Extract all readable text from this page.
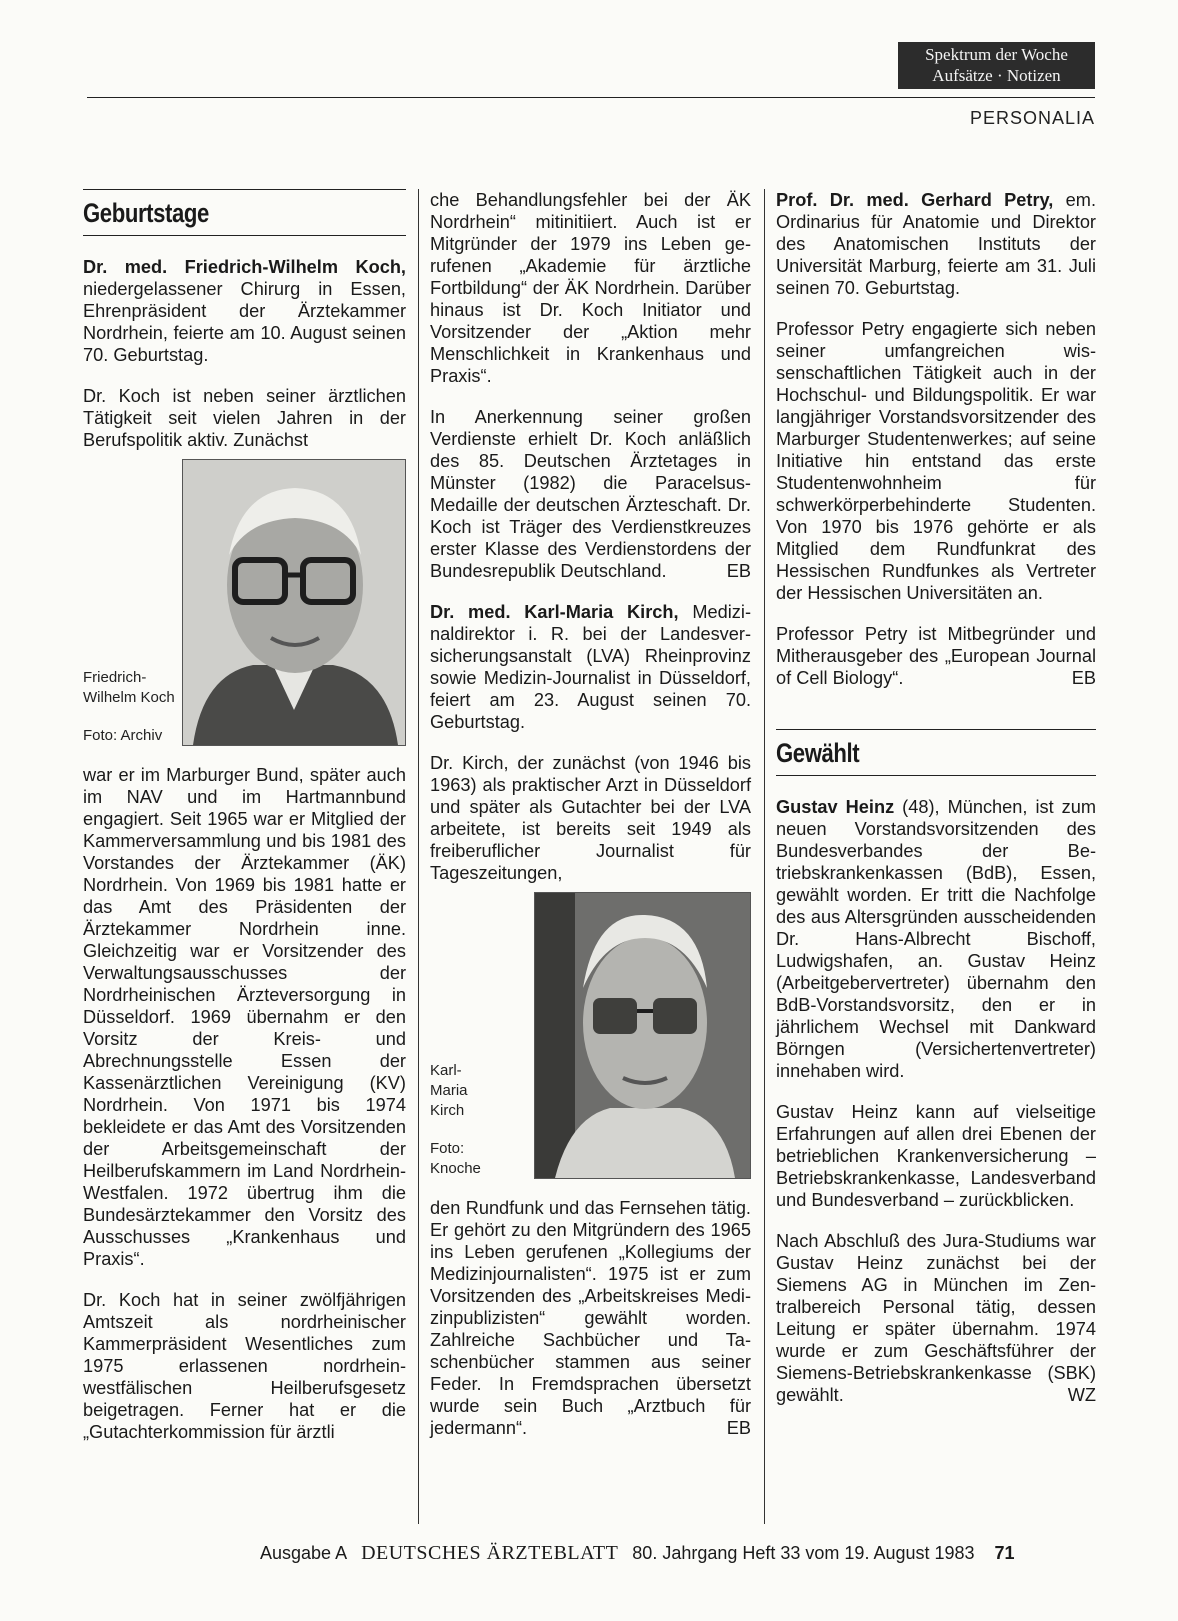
Spektrum der Woche
Aufsätze · Notizen
PERSONALIA
Geburtstage

Dr. med. Friedrich-Wilhelm Koch, niedergelassener Chirurg in Essen, Ehrenpräsident der Ärztekammer Nordrhein, feierte am 10. August seinen 70. Geburtstag.

Dr. Koch ist neben seiner ärztlichen Tätigkeit seit vielen Jahren in der Berufspolitik aktiv. Zunächst

Friedrich-Wilhelm Koch
Foto: Archiv

war er im Marburger Bund, später auch im NAV und im Hartmannbund engagiert. Seit 1965 war er Mitglied der Kammerversammlung und bis 1981 des Vorstandes der Ärztekammer (ÄK) Nordrhein. Von 1969 bis 1981 hatte er das Amt des Präsidenten der Ärztekammer Nordrhein inne. Gleichzeitig war er Vorsitzender des Verwaltungsausschusses der Nordrheinischen Ärzteversorgung in Düsseldorf. 1969 übernahm er den Vorsitz der Kreis- und Abrechnungsstelle Essen der Kassenärztlichen Vereinigung (KV) Nordrhein. Von 1971 bis 1974 bekleidete er das Amt des Vorsitzenden der Arbeitsgemeinschaft der Heilberufskammern im Land Nordrhein-Westfalen. 1972 übertrug ihm die Bundesärztekammer den Vorsitz des Ausschusses „Krankenhaus und Praxis“.

Dr. Koch hat in seiner zwölfjährigen Amtszeit als nordrheinischer Kammerpräsident Wesentliches zum 1975 erlassenen nordrheinwestfälischen Heilberufsgesetz beigetragen. Ferner hat er die „Gutachterkommission für ärztli

che Behandlungsfehler bei der ÄK Nordrhein“ mitinitiiert. Auch ist er Mitgründer der 1979 ins Leben gerufenen „Akademie für ärztliche Fortbildung“ der ÄK Nordrhein. Darüber hinaus ist Dr. Koch Initiator und Vorsitzender der „Aktion mehr Menschlichkeit in Krankenhaus und Praxis“.

In Anerkennung seiner großen Verdienste erhielt Dr. Koch anläßlich des 85. Deutschen Ärztetages in Münster (1982) die Paracelsus-Medaille der deutschen Ärzteschaft. Dr. Koch ist Träger des Verdienstkreuzes erster Klasse des Verdienstordens der Bundesrepublik Deutschland.	EB

Dr. med. Karl-Maria Kirch, Medizinaldirektor i. R. bei der Landesversicherungsanstalt (LVA) Rheinprovinz sowie Medizin-Journalist in Düsseldorf, feiert am 23. August seinen 70. Geburtstag.

Dr. Kirch, der zunächst (von 1946 bis 1963) als praktischer Arzt in Düsseldorf und später als Gutachter bei der LVA arbeitete, ist bereits seit 1949 als freiberuflicher Journalist für Tageszeitungen,

Karl-Maria Kirch
Foto: Knoche

den Rundfunk und das Fernsehen tätig. Er gehört zu den Mitgründern des 1965 ins Leben gerufenen „Kollegiums der Medizinjournalisten“. 1975 ist er zum Vorsitzenden des „Arbeitskreises Medizinpublizisten“ gewählt worden. Zahlreiche Sachbücher und Taschenbücher stammen aus seiner Feder. In Fremdsprachen übersetzt wurde sein Buch „Arztbuch für jedermann“.	EB

Prof. Dr. med. Gerhard Petry, em. Ordinarius für Anatomie und Direktor des Anatomischen Instituts der Universität Marburg, feierte am 31. Juli seinen 70. Geburtstag.

Professor Petry engagierte sich neben seiner umfangreichen wissenschaftlichen Tätigkeit auch in der Hochschul- und Bildungspolitik. Er war langjähriger Vorstandsvorsitzender des Marburger Studentenwerkes; auf seine Initiative hin entstand das erste Studentenwohnheim für schwerkörperbehinderte Studenten. Von 1970 bis 1976 gehörte er als Mitglied dem Rundfunkrat des Hessischen Rundfunkes als Vertreter der Hessischen Universitäten an.

Professor Petry ist Mitbegründer und Mitherausgeber des „European Journal of Cell Biology“.	EB

Gewählt

Gustav Heinz (48), München, ist zum neuen Vorstandsvorsitzenden des Bundesverbandes der Betriebskrankenkassen (BdB), Essen, gewählt worden. Er tritt die Nachfolge des aus Altersgründen ausscheidenden Dr. Hans-Albrecht Bischoff, Ludwigshafen, an. Gustav Heinz (Arbeitgebervertreter) übernahm den BdB-Vorstandsvorsitz, den er in jährlichem Wechsel mit Dankward Börngen (Versichertenvertreter) innehaben wird.

Gustav Heinz kann auf vielseitige Erfahrungen auf allen drei Ebenen der betrieblichen Krankenversicherung – Betriebskrankenkasse, Landesverband und Bundesverband – zurückblicken.

Nach Abschluß des Jura-Studiums war Gustav Heinz zunächst bei der Siemens AG in München im Zentralbereich Personal tätig, dessen Leitung er später übernahm. 1974 wurde er zum Geschäftsführer der Siemens-Betriebskrankenkasse (SBK) gewählt.	WZ

Ausgabe A DEUTSCHES ÄRZTEBLATT 80. Jahrgang Heft 33 vom 19. August 1983 71
